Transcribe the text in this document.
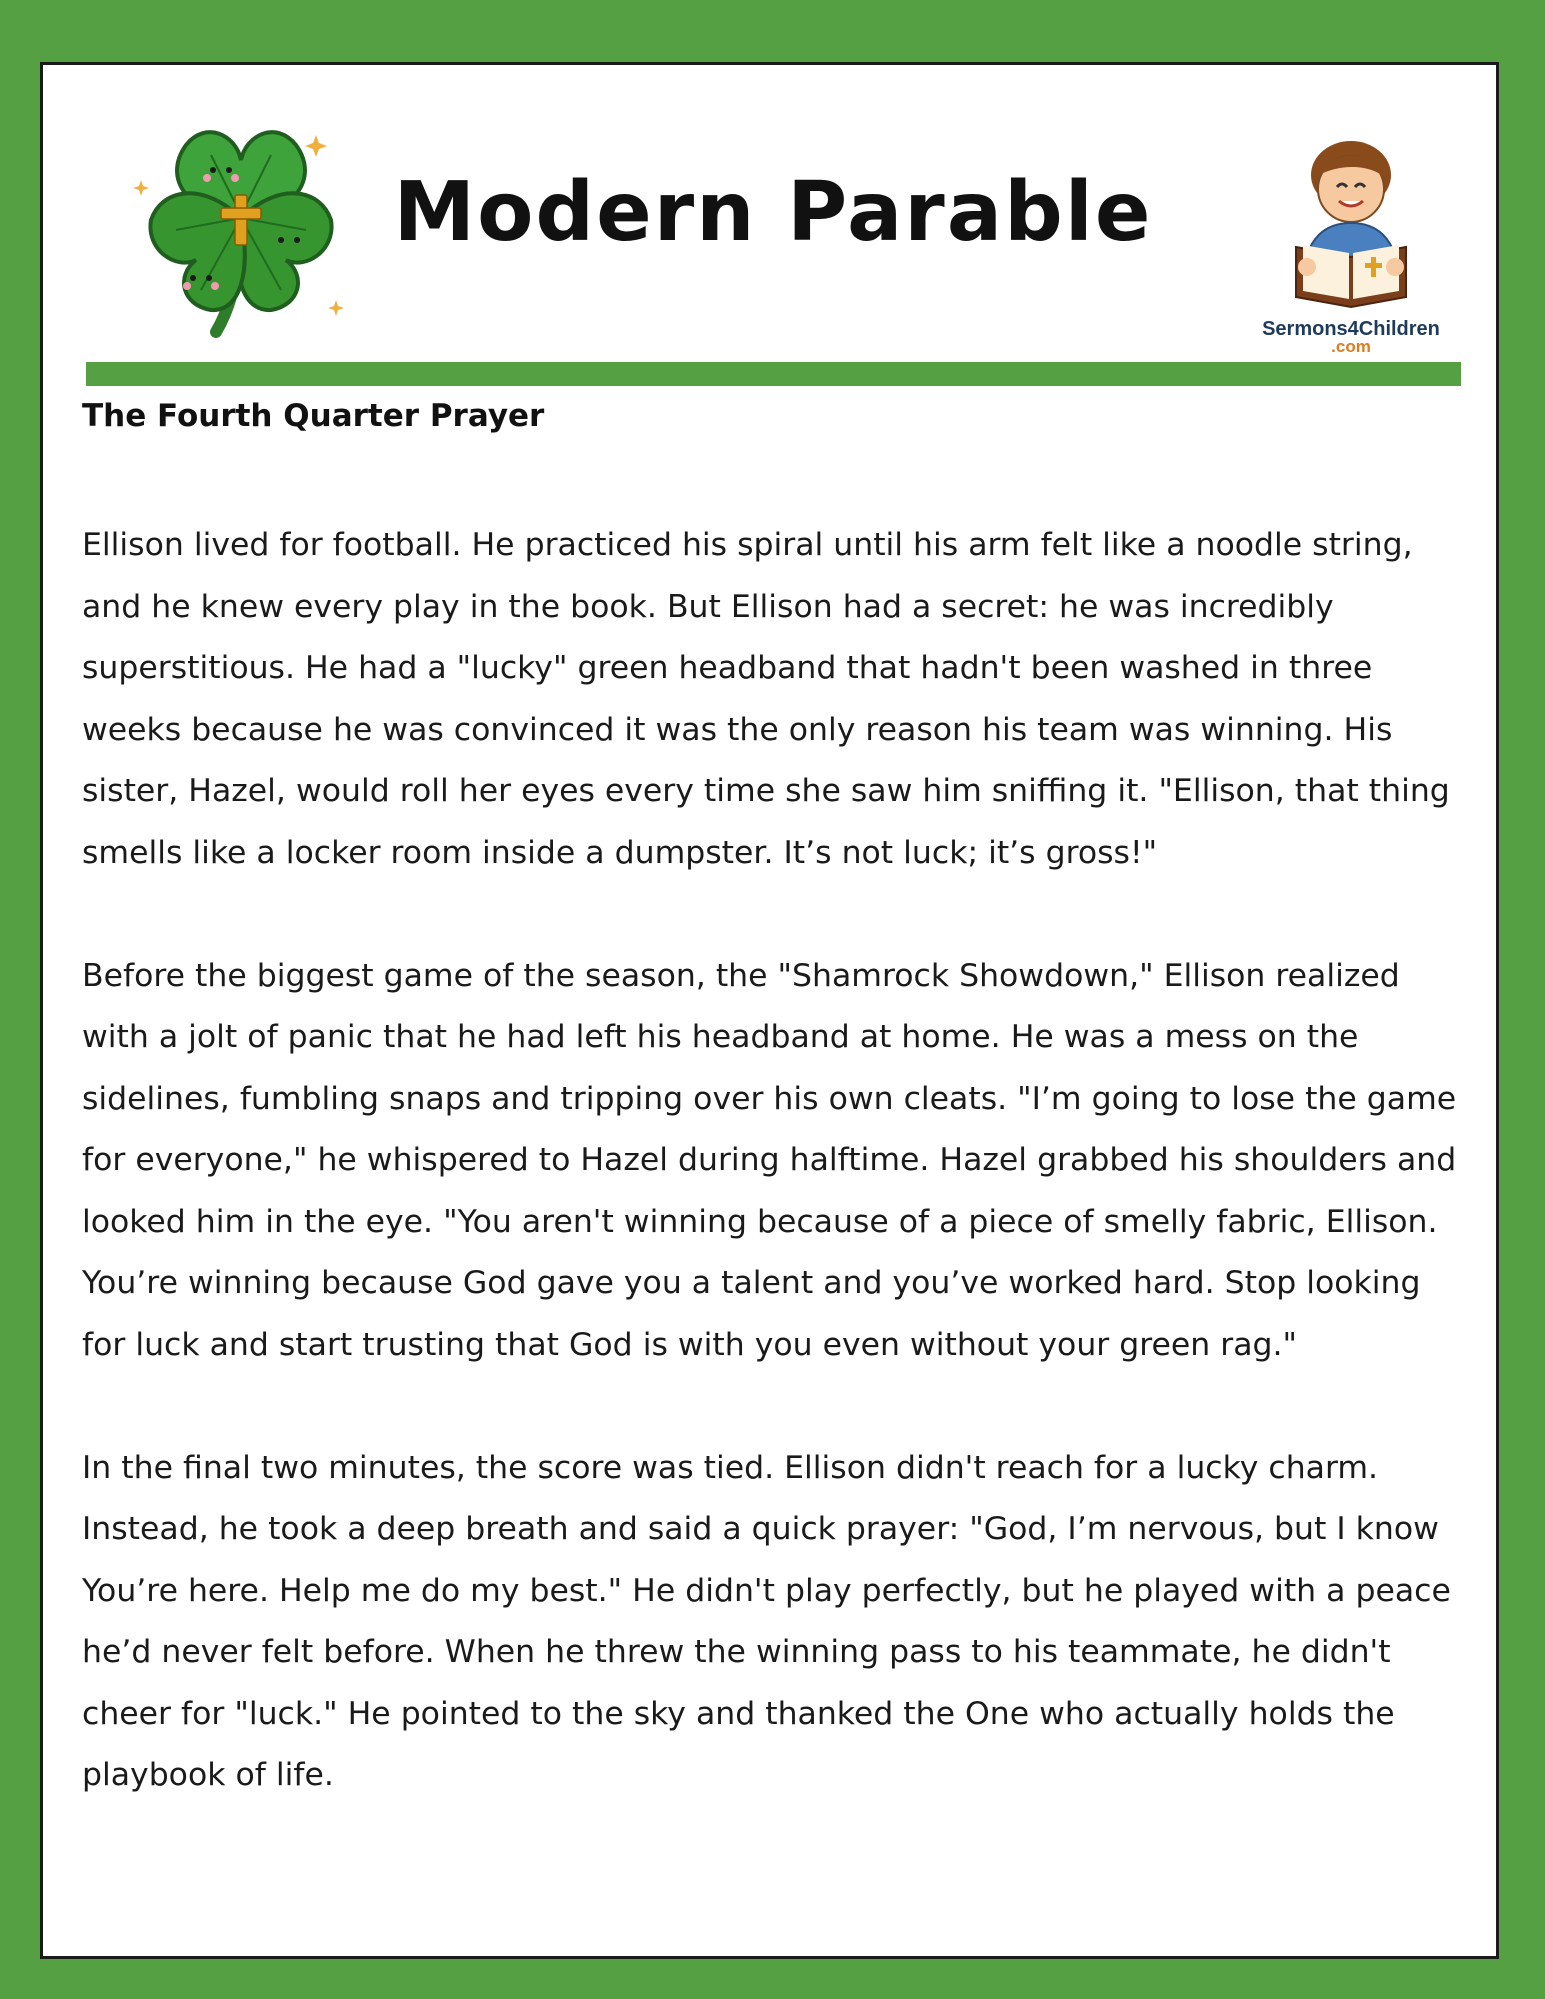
Modern Parable
Sermons4Children
.com
The Fourth Quarter Prayer

Ellison lived for football. He practiced his spiral until his arm felt like a noodle string, and he knew every play in the book. But Ellison had a secret: he was incredibly superstitious. He had a "lucky" green headband that hadn't been washed in three weeks because he was convinced it was the only reason his team was winning. His sister, Hazel, would roll her eyes every time she saw him sniffing it. "Ellison, that thing smells like a locker room inside a dumpster. It’s not luck; it’s gross!"

Before the biggest game of the season, the "Shamrock Showdown," Ellison realized with a jolt of panic that he had left his headband at home. He was a mess on the sidelines, fumbling snaps and tripping over his own cleats. "I’m going to lose the game for everyone," he whispered to Hazel during halftime. Hazel grabbed his shoulders and looked him in the eye. "You aren't winning because of a piece of smelly fabric, Ellison. You’re winning because God gave you a talent and you’ve worked hard. Stop looking for luck and start trusting that God is with you even without your green rag."

In the final two minutes, the score was tied. Ellison didn't reach for a lucky charm. Instead, he took a deep breath and said a quick prayer: "God, I’m nervous, but I know You’re here. Help me do my best." He didn't play perfectly, but he played with a peace he’d never felt before. When he threw the winning pass to his teammate, he didn't cheer for "luck." He pointed to the sky and thanked the One who actually holds the playbook of life.
